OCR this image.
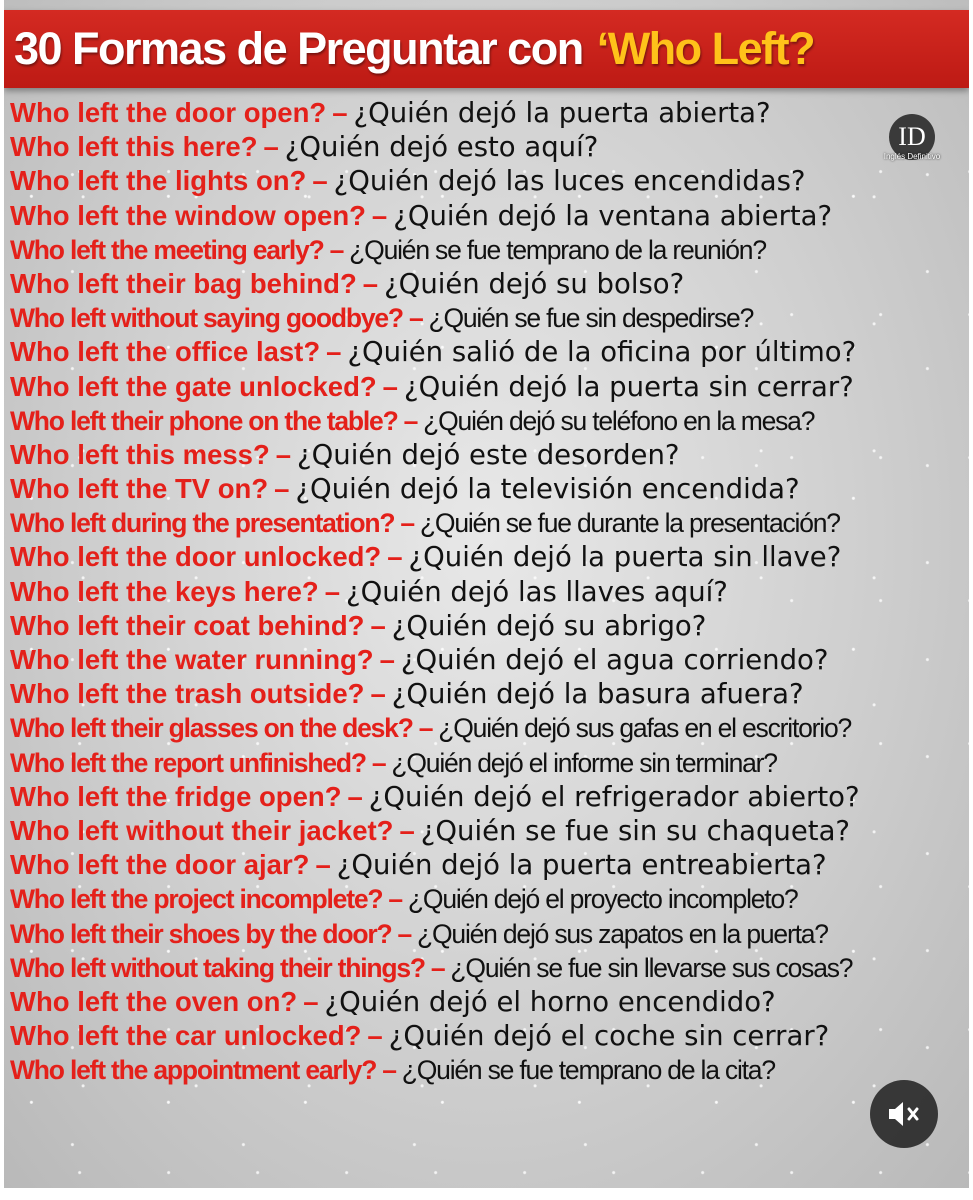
30 Formas de Preguntar con ‘Who Left?
Who left the door open? – ¿Quién dejó la puerta abierta?
Who left this here? – ¿Quién dejó esto aquí?
Who left the lights on? – ¿Quién dejó las luces encendidas?
Who left the window open? – ¿Quién dejó la ventana abierta?
Who left the meeting early? – ¿Quién se fue temprano de la reunión?
Who left their bag behind? – ¿Quién dejó su bolso?
Who left without saying goodbye? – ¿Quién se fue sin despedirse?
Who left the office last? – ¿Quién salió de la oficina por último?
Who left the gate unlocked? – ¿Quién dejó la puerta sin cerrar?
Who left their phone on the table? – ¿Quién dejó su teléfono en la mesa?
Who left this mess? – ¿Quién dejó este desorden?
Who left the TV on? – ¿Quién dejó la televisión encendida?
Who left during the presentation? – ¿Quién se fue durante la presentación?
Who left the door unlocked? – ¿Quién dejó la puerta sin llave?
Who left the keys here? – ¿Quién dejó las llaves aquí?
Who left their coat behind? – ¿Quién dejó su abrigo?
Who left the water running? – ¿Quién dejó el agua corriendo?
Who left the trash outside? – ¿Quién dejó la basura afuera?
Who left their glasses on the desk? – ¿Quién dejó sus gafas en el escritorio?
Who left the report unfinished? – ¿Quién dejó el informe sin terminar?
Who left the fridge open? – ¿Quién dejó el refrigerador abierto?
Who left without their jacket? – ¿Quién se fue sin su chaqueta?
Who left the door ajar? – ¿Quién dejó la puerta entreabierta?
Who left the project incomplete? – ¿Quién dejó el proyecto incompleto?
Who left their shoes by the door? – ¿Quién dejó sus zapatos en la puerta?
Who left without taking their things? – ¿Quién se fue sin llevarse sus cosas?
Who left the oven on? – ¿Quién dejó el horno encendido?
Who left the car unlocked? – ¿Quién dejó el coche sin cerrar?
Who left the appointment early? – ¿Quién se fue temprano de la cita?
ID
Inglés Definitivo
